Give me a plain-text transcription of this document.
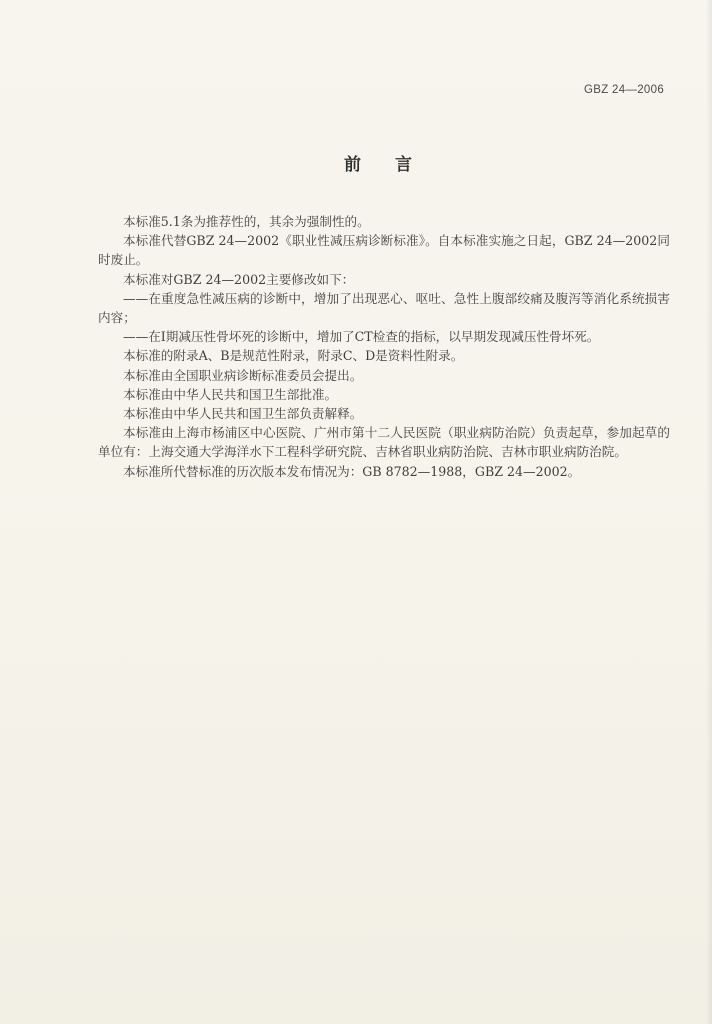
GBZ 24—2006
前言

本标准5.1条为推荐性的，其余为强制性的。

本标准代替GBZ 24—2002《职业性减压病诊断标准》。自本标准实施之日起，GBZ 24—2002同时废止。

本标准对GBZ 24—2002主要修改如下：

——在重度急性减压病的诊断中，增加了出现恶心、呕吐、急性上腹部绞痛及腹泻等消化系统损害内容；

——在Ⅰ期减压性骨坏死的诊断中，增加了CT检查的指标，以早期发现减压性骨坏死。

本标准的附录A、B是规范性附录，附录C、D是资料性附录。

本标准由全国职业病诊断标准委员会提出。

本标准由中华人民共和国卫生部批准。

本标准由中华人民共和国卫生部负责解释。

本标准由上海市杨浦区中心医院、广州市第十二人民医院（职业病防治院）负责起草，参加起草的单位有：上海交通大学海洋水下工程科学研究院、吉林省职业病防治院、吉林市职业病防治院。

本标准所代替标准的历次版本发布情况为：GB 8782—1988，GBZ 24—2002。
